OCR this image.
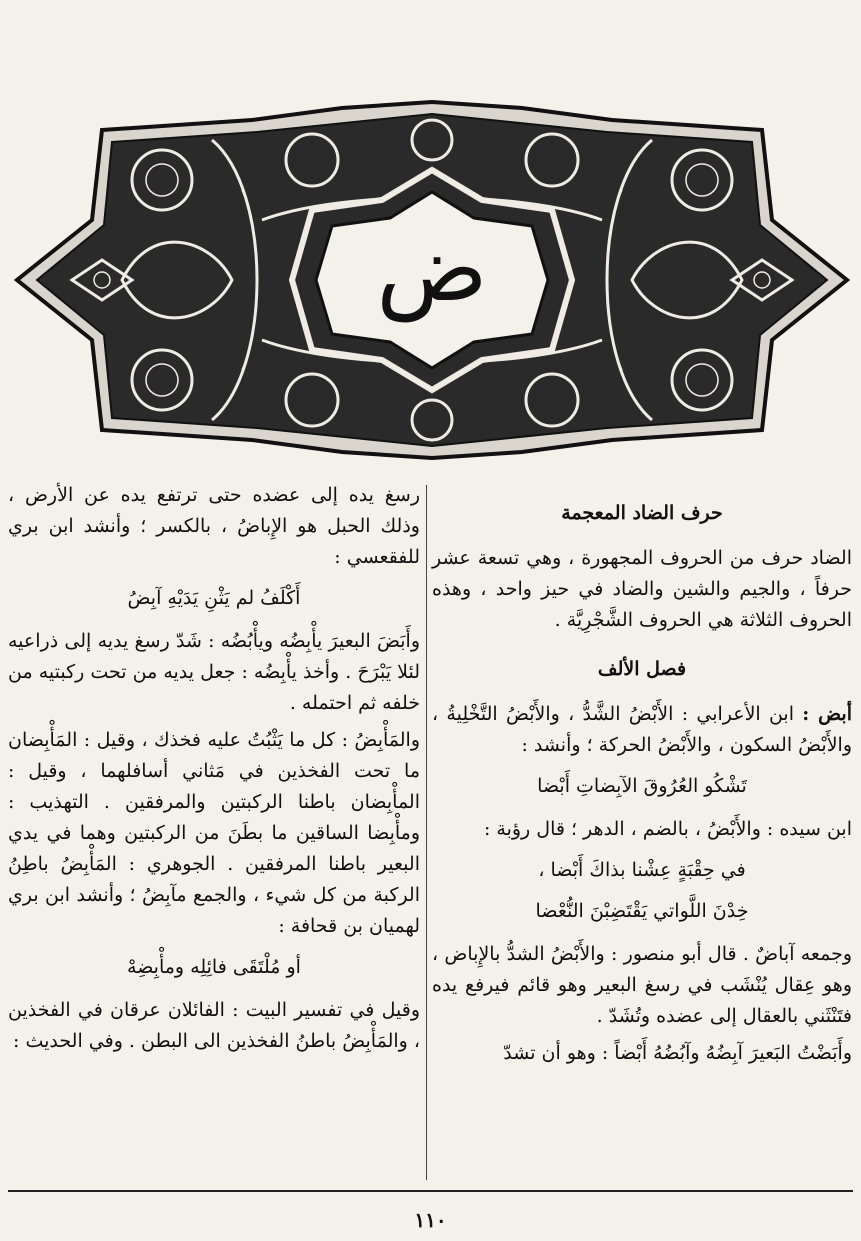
ض

حرف الضاد المعجمة

الضاد حرف من الحروف المجهورة ، وهي تسعة عشر حرفاً ، والجيم والشين والضاد في حيز واحد ، وهذه الحروف الثلاثة هي الحروف الشَّجْرِيَّة .

فصل الألف

أبض : ابن الأعرابي : الأَبْضُ الشَّدُّ ، والأَبْضُ التَّخْلِيةُ ، والأَبْضُ السكون ، والأَبْضُ الحركة ؛ وأنشد :

تَشْكُو العُرُوقَ الآبِضاتِ أَبْضا

ابن سيده : والأَبْضُ ، بالضم ، الدهر ؛ قال رؤبة :

في حِقْبَةٍ عِشْنا بذاكَ أَبْضا ،

خِدْنَ اللَّواتي يَقْتَضِبْنَ النُّعْضا

وجمعه آباضٌ . قال أبو منصور : والأَبْضُ الشدُّ بالإِباض ، وهو عِقال يُنْشَب في رسغ البعير وهو قائم فيرفع يده فتَنْثَني بالعقال إلى عضده وتُشَدّ .

وأَبَضْتُ البَعيرَ آبِضُهُ وآبُضُهُ أَبْضاً : وهو أن تشدّ

رسغ يده إلى عضده حتى ترتفع يده عن الأرض ، وذلك الحبل هو الإِباضُ ، بالكسر ؛ وأنشد ابن بري للفقعسي :

أَكْلَفُ لم يَثْنِ يَدَيْهِ آبِضُ

وأَبَضَ البعيرَ يأْبِضُه ويأْبُضُه : شَدّ رسغ يديه إلى ذراعيه لئلا يَبْرَحَ . وأخذ يأْبِضُه : جعل يديه من تحت ركبتيه من خلفه ثم احتمله .

والمَأْبِضُ : كل ما يَثْبُتُ عليه فخذك ، وقيل : المَأْبِضان ما تحت الفخذين في مَثاني أسافلهما ، وقيل : المأْبِضان باطنا الركبتين والمرفقين . التهذيب : ومأْبِضا الساقين ما بطَنَ من الركبتين وهما في يدي البعير باطنا المرفقين . الجوهري : المَأْبِضُ باطِنُ الركبة من كل شيء ، والجمع مآبِضُ ؛ وأنشد ابن بري لهميان بن قحافة :

أو مُلْتَقَى فائِلِه ومأْبِضِهْ

وقيل في تفسير البيت : الفائلان عرقان في الفخذين ، والمَأْبِضُ باطنُ الفخذين الى البطن . وفي الحديث :

١١٠
